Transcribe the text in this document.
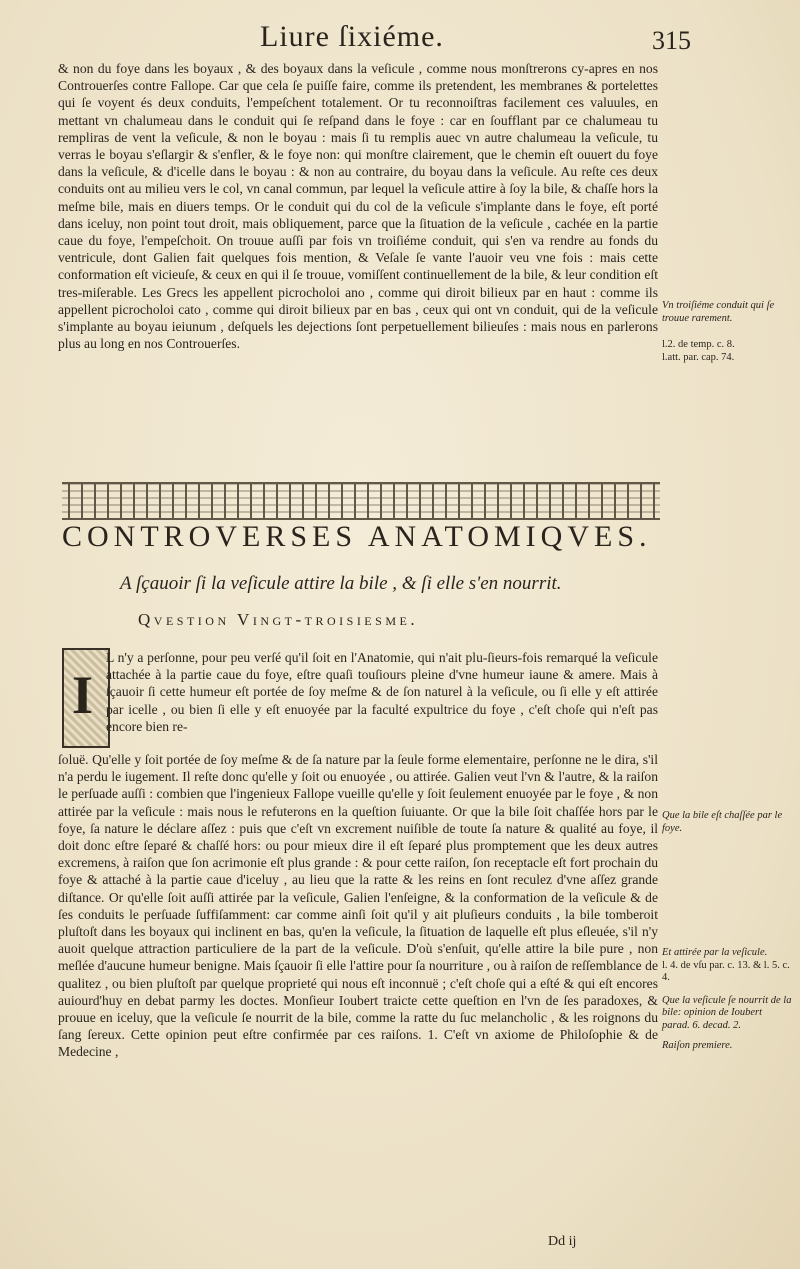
Liure ſixiéme.	315

& non du foye dans les boyaux , & des boyaux dans la veſicule , comme nous monſtrerons cy-apres en nos Controuerſes contre Fallope. Car que cela ſe puiſſe faire, comme ils pretendent, les membranes & portelettes qui ſe voyent és deux conduits, l'empeſchent totalement. Or tu reconnoiſtras facilement ces valuules, en mettant vn chalumeau dans le conduit qui ſe reſpand dans le foye : car en ſoufflant par ce chalumeau tu rempliras de vent la veſicule, & non le boyau : mais ſi tu remplis auec vn autre chalumeau la veſicule, tu verras le boyau s'eſlargir & s'enfler, & le foye non: qui monſtre clairement, que le chemin eſt ouuert du foye dans la veſicule, & d'icelle dans le boyau : & non au contraire, du boyau dans la veſicule. Au reſte ces deux conduits ont au milieu vers le col, vn canal commun, par lequel la veſicule attire à ſoy la bile, & chaſſe hors la meſme bile, mais en diuers temps. Or le conduit qui du col de la veſicule s'implante dans le foye, eſt porté dans iceluy, non point tout droit, mais obliquement, parce que la ſituation de la veſicule , cachée en la partie caue du foye, l'empeſchoit. On trouue auſſi par fois vn troiſiéme conduit, qui s'en va rendre au fonds du ventricule, dont Galien fait quelques fois mention, & Veſale ſe vante l'auoir veu vne fois : mais cette conformation eſt vicieuſe, & ceux en qui il ſe trouue, vomiſſent continuellement de la bile, & leur condition eſt tres-miſerable. Les Grecs les appellent picrocholoi ano , comme qui diroit bilieux par en haut : comme ils appellent picrocholoi cato , comme qui diroit bilieux par en bas , ceux qui ont vn conduit, qui de la veſicule s'implante au boyau ieiunum , deſquels les dejections ſont perpetuellement bilieuſes : mais nous en parlerons plus au long en nos Controuerſes.

Vn troiſiéme conduit qui ſe trouue rarement.
l.2. de temp. c. 8.
l.att. par. cap. 74.
CONTROVERSES ANATOMIQVES.
A ſçauoir ſi la veſicule attire la bile , & ſi elle s'en nourrit.
Qvestion Vingt-troisiesme.
I

L n'y a perſonne, pour peu verſé qu'il ſoit en l'Anatomie, qui n'ait plu-ſieurs-fois remarqué la veſicule attachée à la partie caue du foye, eſtre quaſi touſiours pleine d'vne humeur iaune & amere. Mais à ſçauoir ſi cette humeur eſt portée de ſoy meſme & de ſon naturel à la veſicule, ou ſi elle y eſt attirée par icelle , ou bien ſi elle y eſt enuoyée par la faculté expultrice du foye , c'eſt choſe qui n'eſt pas encore bien re-

ſoluë. Qu'elle y ſoit portée de ſoy meſme & de ſa nature par la ſeule forme elementaire, perſonne ne le dira, s'il n'a perdu le iugement. Il reſte donc qu'elle y ſoit ou enuoyée , ou attirée. Galien veut l'vn & l'autre, & la raiſon le perſuade auſſi : combien que l'ingenieux Fallope vueille qu'elle y ſoit ſeulement enuoyée par le foye , & non attirée par la veſicule : mais nous le refuterons en la queſtion ſuiuante. Or que la bile ſoit chaſſée hors par le foye, ſa nature le déclare aſſez : puis que c'eſt vn excrement nuiſible de toute ſa nature & qualité au foye, il doit donc eſtre ſeparé & chaſſé hors: ou pour mieux dire il eſt ſeparé plus promptement que les deux autres excremens, à raiſon que ſon acrimonie eſt plus grande : & pour cette raiſon, ſon receptacle eſt fort prochain du foye & attaché à la partie caue d'iceluy , au lieu que la ratte & les reins en ſont reculez d'vne aſſez grande diſtance. Or qu'elle ſoit auſſi attirée par la veſicule, Galien l'enſeigne, & la conformation de la veſicule & de ſes conduits le perſuade ſuffiſamment: car comme ainſi ſoit qu'il y ait pluſieurs conduits , la bile tomberoit pluſtoſt dans les boyaux qui inclinent en bas, qu'en la veſicule, la ſituation de laquelle eſt plus eſleuée, s'il n'y auoit quelque attraction particuliere de la part de la veſicule. D'où s'enſuit, qu'elle attire la bile pure , non meſlée d'aucune humeur benigne. Mais ſçauoir ſi elle l'attire pour ſa nourriture , ou à raiſon de reſſemblance de qualitez , ou bien pluſtoſt par quelque proprieté qui nous eſt inconnuë ; c'eſt choſe qui a eſté & qui eſt encores auiourd'huy en debat parmy les doctes. Monſieur Ioubert traicte cette queſtion en l'vn de ſes paradoxes, & prouue en iceluy, que la veſicule ſe nourrit de la bile, comme la ratte du ſuc melancholic , & les roignons du ſang ſereux. Cette opinion peut eſtre confirmée par ces raiſons. 1. C'eſt vn axiome de Philoſophie & de Medecine ,

Que la bile eſt chaſſée par le foye.
Et attirée par la veſicule.
l. 4. de vſu par. c. 13. & l. 5. c. 4.
Que la veſicule ſe nourrit de la bile: opinion de Ioubert parad. 6. decad. 2.
Raiſon premiere.
Dd ij
